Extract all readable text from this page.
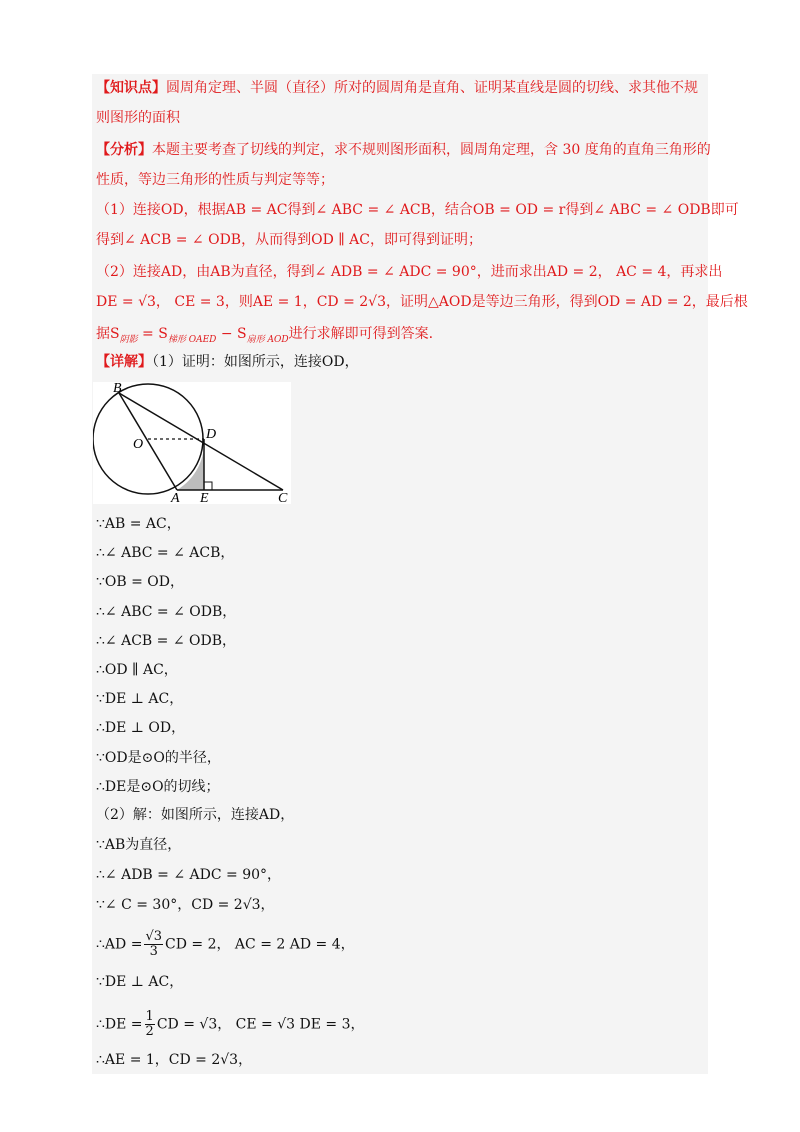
【知识点】圆周角定理、半圆（直径）所对的圆周角是直角、证明某直线是圆的切线、求其他不规
则图形的面积
【分析】本题主要考查了切线的判定，求不规则图形面积，圆周角定理，含 30 度角的直角三角形的
性质，等边三角形的性质与判定等等；
（1）连接OD，根据AB = AC得到∠ ABC = ∠ ACB，结合OB = OD = r得到∠ ABC = ∠ ODB即可
得到∠ ACB = ∠ ODB，从而得到OD ∥ AC，即可得到证明；
（2）连接AD，由AB为直径，得到∠ ADB = ∠ ADC = 90°，进而求出AD = 2， AC = 4，再求出
DE = √3， CE = 3，则AE = 1，CD = 2√3，证明△AOD是等边三角形，得到OD = AD = 2，最后根
据$S_{阴影} = S_{梯形 OAED} - S_{扇形 AOD}$进行求解即可得到答案.
【详解】（1）证明：如图所示，连接OD，
B
O
D
A E	C
∵AB = AC，
∴∠ ABC = ∠ ACB，
∵OB = OD，
∴∠ ABC = ∠ ODB，
∴∠ ACB = ∠ ODB，
∴OD ∥ AC，
∵DE ⊥ AC，
∴DE ⊥ OD，
∵OD是⊙O的半径，
∴DE是⊙O的切线；
（2）解：如图所示，连接AD，
∵AB为直径，
∴∠ ADB = ∠ ADC = 90°，
∵∠ C = 30°，CD = 2√3，
∴AD = $\frac{√3}{3}$ CD = 2， AC = 2 AD = 4，
∵DE ⊥ AC，
∴DE = $\frac{1}{2}$ CD = √3， CE = √3 DE = 3，
∴AE = 1，CD = 2√3，
